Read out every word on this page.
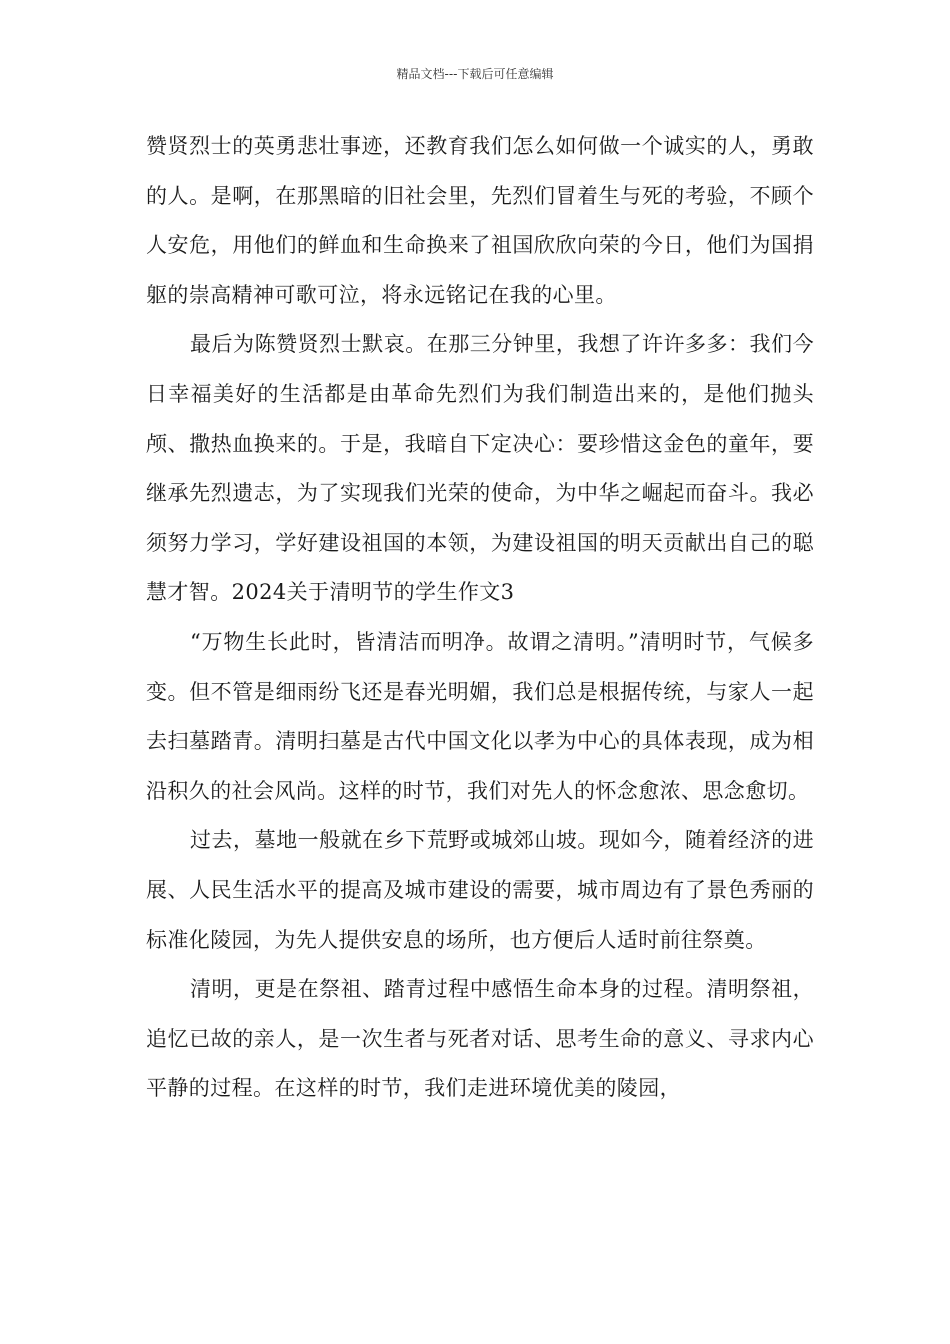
精品文档---下载后可任意编辑

赞贤烈士的英勇悲壮事迹，还教育我们怎么如何做一个诚实的人，勇敢的人。是啊，在那黑暗的旧社会里，先烈们冒着生与死的考验，不顾个人安危，用他们的鲜血和生命换来了祖国欣欣向荣的今日，他们为国捐躯的崇高精神可歌可泣，将永远铭记在我的心里。

最后为陈赞贤烈士默哀。在那三分钟里，我想了许许多多：我们今日幸福美好的生活都是由革命先烈们为我们制造出来的，是他们抛头颅、撒热血换来的。于是，我暗自下定决心：要珍惜这金色的童年，要继承先烈遗志，为了实现我们光荣的使命，为中华之崛起而奋斗。我必须努力学习，学好建设祖国的本领，为建设祖国的明天贡献出自己的聪慧才智。2024关于清明节的学生作文3

“万物生长此时，皆清洁而明净。故谓之清明。”清明时节，气候多变。但不管是细雨纷飞还是春光明媚，我们总是根据传统，与家人一起去扫墓踏青。清明扫墓是古代中国文化以孝为中心的具体表现，成为相沿积久的社会风尚。这样的时节，我们对先人的怀念愈浓、思念愈切。

过去，墓地一般就在乡下荒野或城郊山坡。现如今，随着经济的进展、人民生活水平的提高及城市建设的需要，城市周边有了景色秀丽的标准化陵园，为先人提供安息的场所，也方便后人适时前往祭奠。

清明，更是在祭祖、踏青过程中感悟生命本身的过程。清明祭祖，追忆已故的亲人，是一次生者与死者对话、思考生命的意义、寻求内心平静的过程。在这样的时节，我们走进环境优美的陵园，
